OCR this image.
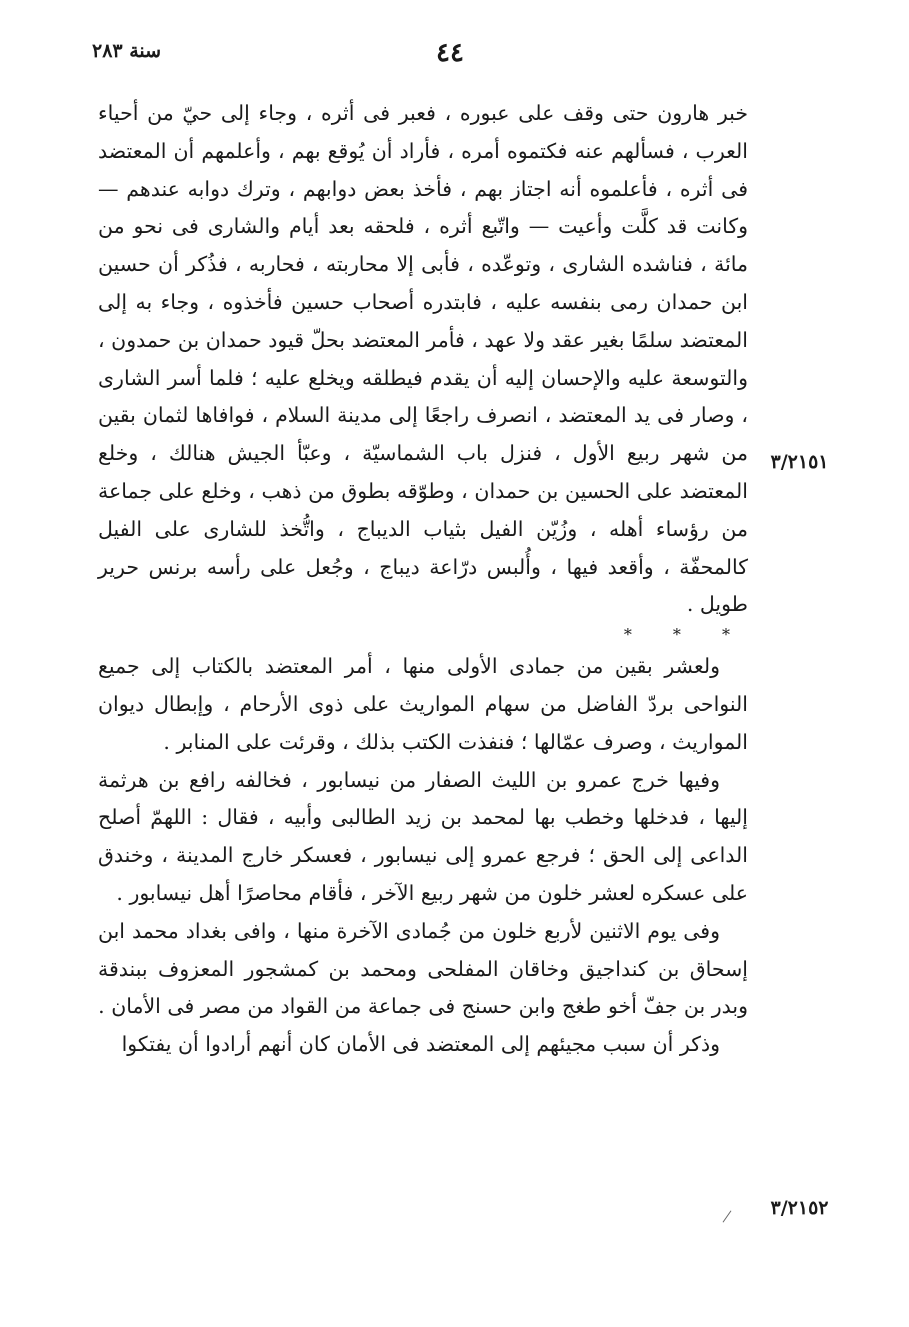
سنة ٢٨٣	٤٤
٣/٢١٥١
٣/٢١٥٢

خبر هارون حتى وقف على عبوره ، فعبر فى أثره ، وجاء إلى حيّ من أحياء العرب ، فسألهم عنه فكتموه أمره ، فأراد أن يُوقع بهم ، وأعلمهم أن المعتضد فى أثره ، فأعلموه أنه اجتاز بهم ، فأخذ بعض دوابهم ، وترك دوابه عندهم — وكانت قد كلَّت وأعيت — واتّبع أثره ، فلحقه بعد أيام والشارى فى نحو من مائة ، فناشده الشارى ، وتوعّده ، فأبى إلا محاربته ، فحاربه ، فذُكر أن حسين ابن حمدان رمى بنفسه عليه ، فابتدره أصحاب حسين فأخذوه ، وجاء به إلى المعتضد سلمًا بغير عقد ولا عهد ، فأمر المعتضد بحلّ قيود حمدان بن حمدون ، والتوسعة عليه والإحسان إليه أن يقدم فيطلقه ويخلع عليه ؛ فلما أسر الشارى ، وصار فى يد المعتضد ، انصرف راجعًا إلى مدينة السلام ، فوافاها لثمان بقين من شهر ربيع الأول ، فنزل باب الشماسيّة ، وعبّأ الجيش هنالك ، وخلع المعتضد على الحسين بن حمدان ، وطوّقه بطوق من ذهب ، وخلع على جماعة من رؤساء أهله ، وزُيّن الفيل بثياب الديباج ، واتُّخذ للشارى على الفيل كالمحفّة ، وأقعد فيها ، وأُلبس درّاعة ديباج ، وجُعل على رأسه برنس حرير طويل .

* * *

ولعشر بقين من جمادى الأولى منها ، أمر المعتضد بالكتاب إلى جميع النواحى بردّ الفاضل من سهام المواريث على ذوى الأرحام ، وإبطال ديوان المواريث ، وصرف عمّالها ؛ فنفذت الكتب بذلك ، وقرئت على المنابر .

وفيها خرج عمرو بن الليث الصفار من نيسابور ، فخالفه رافع بن هرثمة إليها ، فدخلها وخطب بها لمحمد بن زيد الطالبى وأبيه ، فقال : اللهمّ أصلح الداعى إلى الحق ؛ فرجع عمرو إلى نيسابور ، فعسكر خارج المدينة ، وخندق على عسكره لعشر خلون من شهر ربيع الآخر ، فأقام محاصرًا أهل نيسابور .

وفى يوم الاثنين لأربع خلون من جُمادى الآخرة منها ، وافى بغداد محمد ابن إسحاق بن كنداجيق وخاقان المفلحى ومحمد بن كمشجور المعزوف ببندقة وبدر بن جفّ أخو طغج وابن حسنج فى جماعة من القواد من مصر فى الأمان .

وذكر أن سبب مجيئهم إلى المعتضد فى الأمان كان أنهم أرادوا أن يفتكوا
